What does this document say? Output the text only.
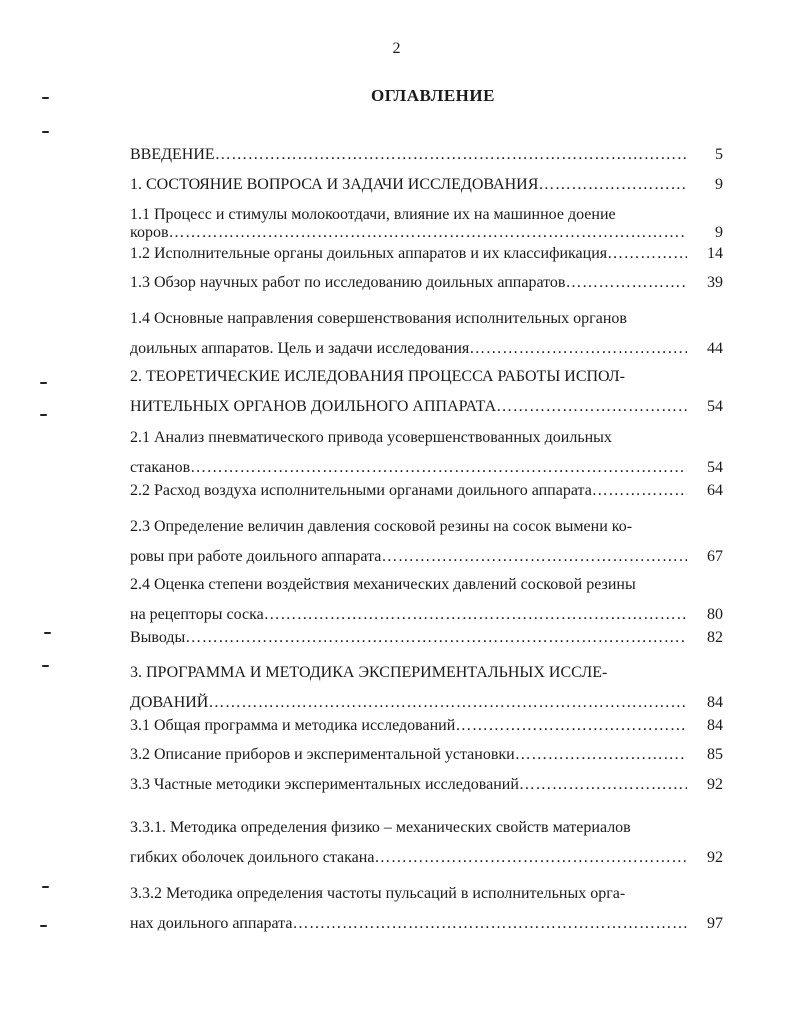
2
ОГЛАВЛЕНИЕ
ВВЕДЕНИЕ …………………………………………………………………………………………………………………………………………………………………………………………	5
1. СОСТОЯНИЕ ВОПРОСА И ЗАДАЧИ ИССЛЕДОВАНИЯ …………………………………………………………………………………………………………………………………………………………………………………………	9
1.1 Процесс и стимулы молокоотдачи, влияние их на машинное доение
коров …………………………………………………………………………………………………………………………………………………………………………………………	9
1.2 Исполнительные органы доильных аппаратов и их классификация …………………………………………………………………………………………………………………………………………………………………………………………	14
1.3 Обзор научных работ по исследованию доильных аппаратов …………………………………………………………………………………………………………………………………………………………………………………………	39
1.4 Основные направления совершенствования исполнительных органов
доильных аппаратов. Цель и задачи исследования …………………………………………………………………………………………………………………………………………………………………………………………	44
2. ТЕОРЕТИЧЕСКИЕ ИСЛЕДОВАНИЯ ПРОЦЕССА РАБОТЫ ИСПОЛ-
НИТЕЛЬНЫХ ОРГАНОВ ДОИЛЬНОГО АППАРАТА …………………………………………………………………………………………………………………………………………………………………………………………	54
2.1 Анализ пневматического привода усовершенствованных доильных
стаканов …………………………………………………………………………………………………………………………………………………………………………………………	54
2.2 Расход воздуха исполнительными органами доильного аппарата …………………………………………………………………………………………………………………………………………………………………………………………	64
2.3 Определение величин давления сосковой резины на сосок вымени ко-
ровы при работе доильного аппарата …………………………………………………………………………………………………………………………………………………………………………………………	67
2.4 Оценка степени воздействия механических давлений сосковой резины
на рецепторы соска …………………………………………………………………………………………………………………………………………………………………………………………	80
Выводы …………………………………………………………………………………………………………………………………………………………………………………………	82
3. ПРОГРАММА И МЕТОДИКА ЭКСПЕРИМЕНТАЛЬНЫХ ИССЛЕ-
ДОВАНИЙ …………………………………………………………………………………………………………………………………………………………………………………………	84
3.1 Общая программа и методика исследований …………………………………………………………………………………………………………………………………………………………………………………………	84
3.2 Описание приборов и экспериментальной установки …………………………………………………………………………………………………………………………………………………………………………………………	85
3.3 Частные методики экспериментальных исследований …………………………………………………………………………………………………………………………………………………………………………………………	92
3.3.1. Методика определения физико – механических свойств материалов
гибких оболочек доильного стакана …………………………………………………………………………………………………………………………………………………………………………………………	92
3.3.2 Методика определения частоты пульсаций в исполнительных орга-
нах доильного аппарата …………………………………………………………………………………………………………………………………………………………………………………………	97
